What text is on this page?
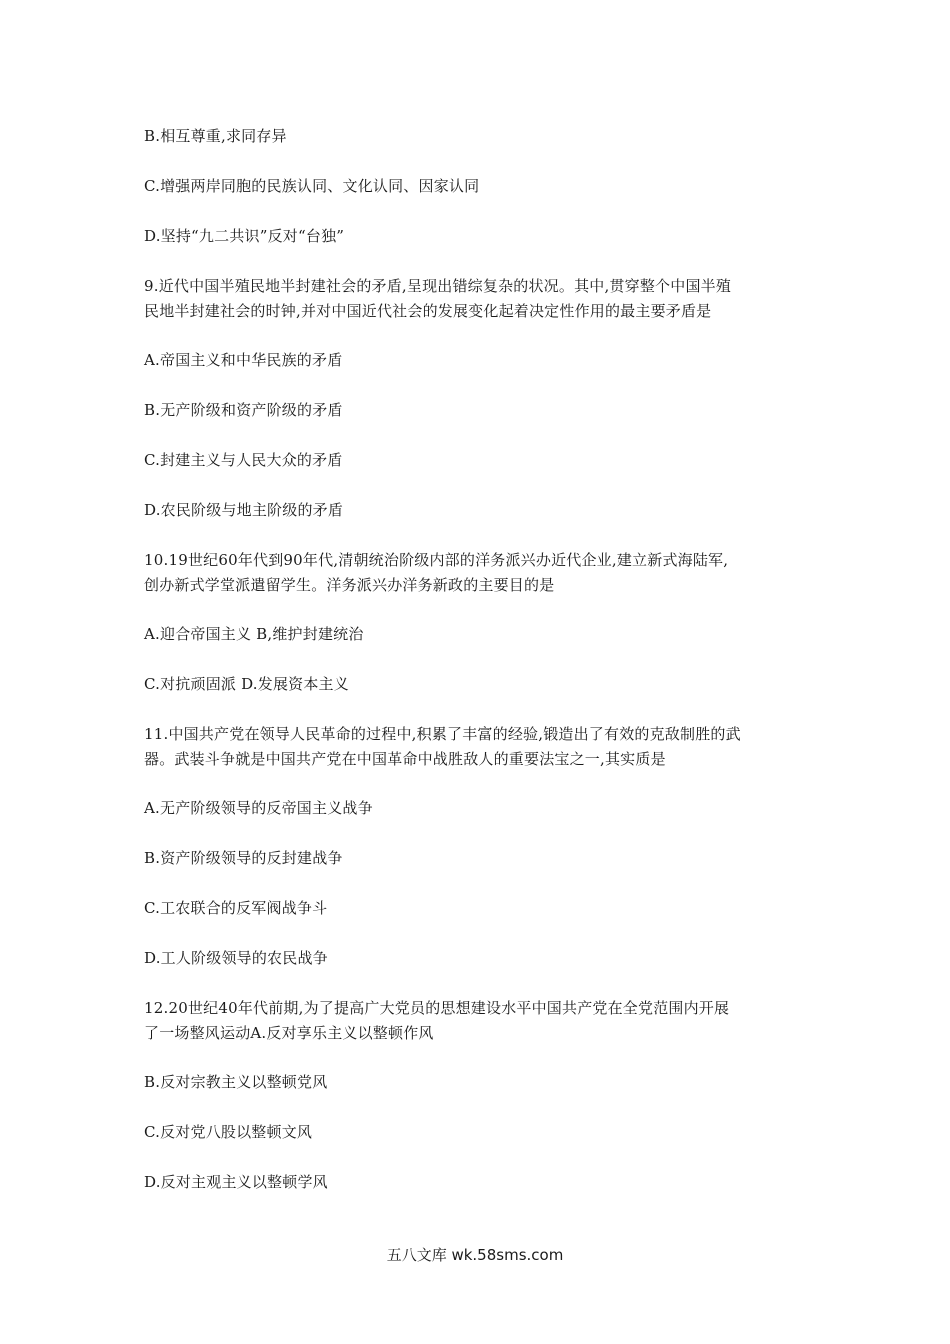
B.相互尊重,求同存异
C.增强两岸同胞的民族认同、文化认同、因家认同
D.坚持“九二共识”反对“台独”
9.近代中国半殖民地半封建社会的矛盾,呈现出错综复杂的状况。其中,贯穿整个中国半殖
民地半封建社会的时钟,并对中国近代社会的发展变化起着决定性作用的最主要矛盾是
A.帝国主义和中华民族的矛盾
B.无产阶级和资产阶级的矛盾
C.封建主义与人民大众的矛盾
D.农民阶级与地主阶级的矛盾
10.19世纪60年代到90年代,清朝统治阶级内部的洋务派兴办近代企业,建立新式海陆军,
创办新式学堂派遣留学生。洋务派兴办洋务新政的主要目的是
A.迎合帝国主义 B,维护封建统治
C.对抗顽固派 D.发展资本主义
11.中国共产党在领导人民革命的过程中,积累了丰富的经验,锻造出了有效的克敌制胜的武
器。武装斗争就是中国共产党在中国革命中战胜敌人的重要法宝之一,其实质是
A.无产阶级领导的反帝国主义战争
B.资产阶级领导的反封建战争
C.工农联合的反军阀战争斗
D.工人阶级领导的农民战争
12.20世纪40年代前期,为了提高广大党员的思想建设水平中国共产党在全党范围内开展
了一场整风运动A.反对享乐主义以整顿作风
B.反对宗教主义以整顿党风
C.反对党八股以整顿文风
D.反对主观主义以整顿学风
五八文库 wk.58sms.com
